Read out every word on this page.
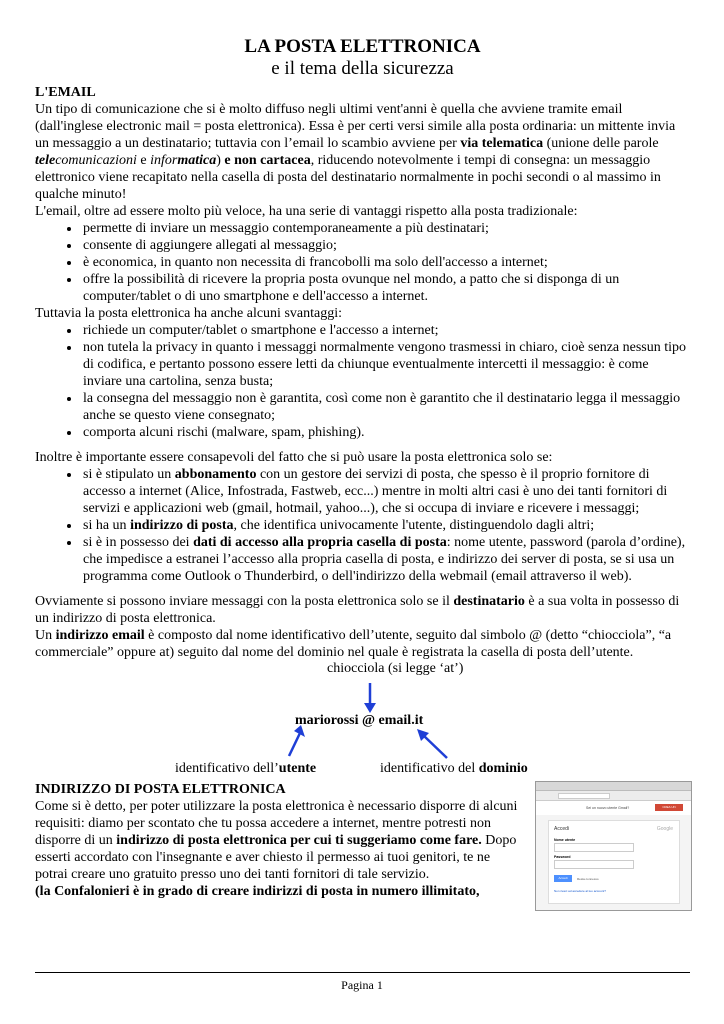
LA POSTA ELETTRONICA
e il tema della sicurezza
L'EMAIL

Un tipo di comunicazione che si è molto diffuso negli ultimi vent'anni è quella che avviene tramite email (dall'inglese electronic mail = posta elettronica). Essa è per certi versi simile alla posta ordinaria: un mittente invia un messaggio a un destinatario; tuttavia con l’email lo scambio avviene per via telematica (unione delle parole telecomunicazioni e informatica) e non cartacea, riducendo notevolmente i tempi di consegna: un messaggio elettronico viene recapitato nella casella di posta del destinatario normalmente in pochi secondi o al massimo in qualche minuto!

L'email, oltre ad essere molto più veloce, ha una serie di vantaggi rispetto alla posta tradizionale:

• permette di inviare un messaggio contemporaneamente a più destinatari;
• consente di aggiungere allegati al messaggio;
• è economica, in quanto non necessita di francobolli ma solo dell'accesso a internet;
• offre la possibilità di ricevere la propria posta ovunque nel mondo, a patto che si disponga di un computer/tablet o di uno smartphone e dell'accesso a internet.

Tuttavia la posta elettronica ha anche alcuni svantaggi:

• richiede un computer/tablet o smartphone e l'accesso a internet;
• non tutela la privacy in quanto i messaggi normalmente vengono trasmessi in chiaro, cioè senza nessun tipo di codifica, e pertanto possono essere letti da chiunque eventualmente intercetti il messaggio: è come inviare una cartolina, senza busta;
• la consegna del messaggio non è garantita, così come non è garantito che il destinatario legga il messaggio anche se questo viene consegnato;
• comporta alcuni rischi (malware, spam, phishing).

Inoltre è importante essere consapevoli del fatto che si può usare la posta elettronica solo se:

• si è stipulato un abbonamento con un gestore dei servizi di posta, che spesso è il proprio fornitore di accesso a internet (Alice, Infostrada, Fastweb, ecc...) mentre in molti altri casi è uno dei tanti fornitori di servizi e applicazioni web (gmail, hotmail, yahoo...), che si occupa di inviare e ricevere i messaggi;
• si ha un indirizzo di posta, che identifica univocamente l'utente, distinguendolo dagli altri;
• si è in possesso dei dati di accesso alla propria casella di posta: nome utente, password (parola d’ordine), che impedisce a estranei l’accesso alla propria casella di posta, e indirizzo dei server di posta, se si usa un programma come Outlook o Thunderbird, o dell'indirizzo della webmail (email attraverso il web).

Ovviamente si possono inviare messaggi con la posta elettronica solo se il destinatario è a sua volta in possesso di un indirizzo di posta elettronica.

Un indirizzo email è composto dal nome identificativo dell’utente, seguito dal simbolo @ (detto “chiocciola”, “a commerciale” oppure at) seguito dal nome del dominio nel quale è registrata la casella di posta dell’utente.

chiocciola (si legge ‘at’)
mariorossi @ email.it
identificativo dell’utente	identificativo del dominio
INDIRIZZO DI POSTA ELETTRONICA

Come si è detto, per poter utilizzare la posta elettronica è necessario disporre di alcuni requisiti: diamo per scontato che tu possa accedere a internet, mentre potresti non disporre di un indirizzo di posta elettronica per cui ti suggeriamo come fare. Dopo esserti accordato con l'insegnante e aver chiesto il permesso ai tuoi genitori, te ne potrai creare uno gratuito presso uno dei tanti fornitori di tale servizio.

(la Confalonieri è in grado di creare indirizzi di posta in numero illimitato,

Sei un nuovo utente Gmail?	CREA UN ACCOUNT
Accedi	Google
Nome utente
Password
Accedi	Resta connesso
Non riesci ad accedere al tuo account?
Pagina 1
